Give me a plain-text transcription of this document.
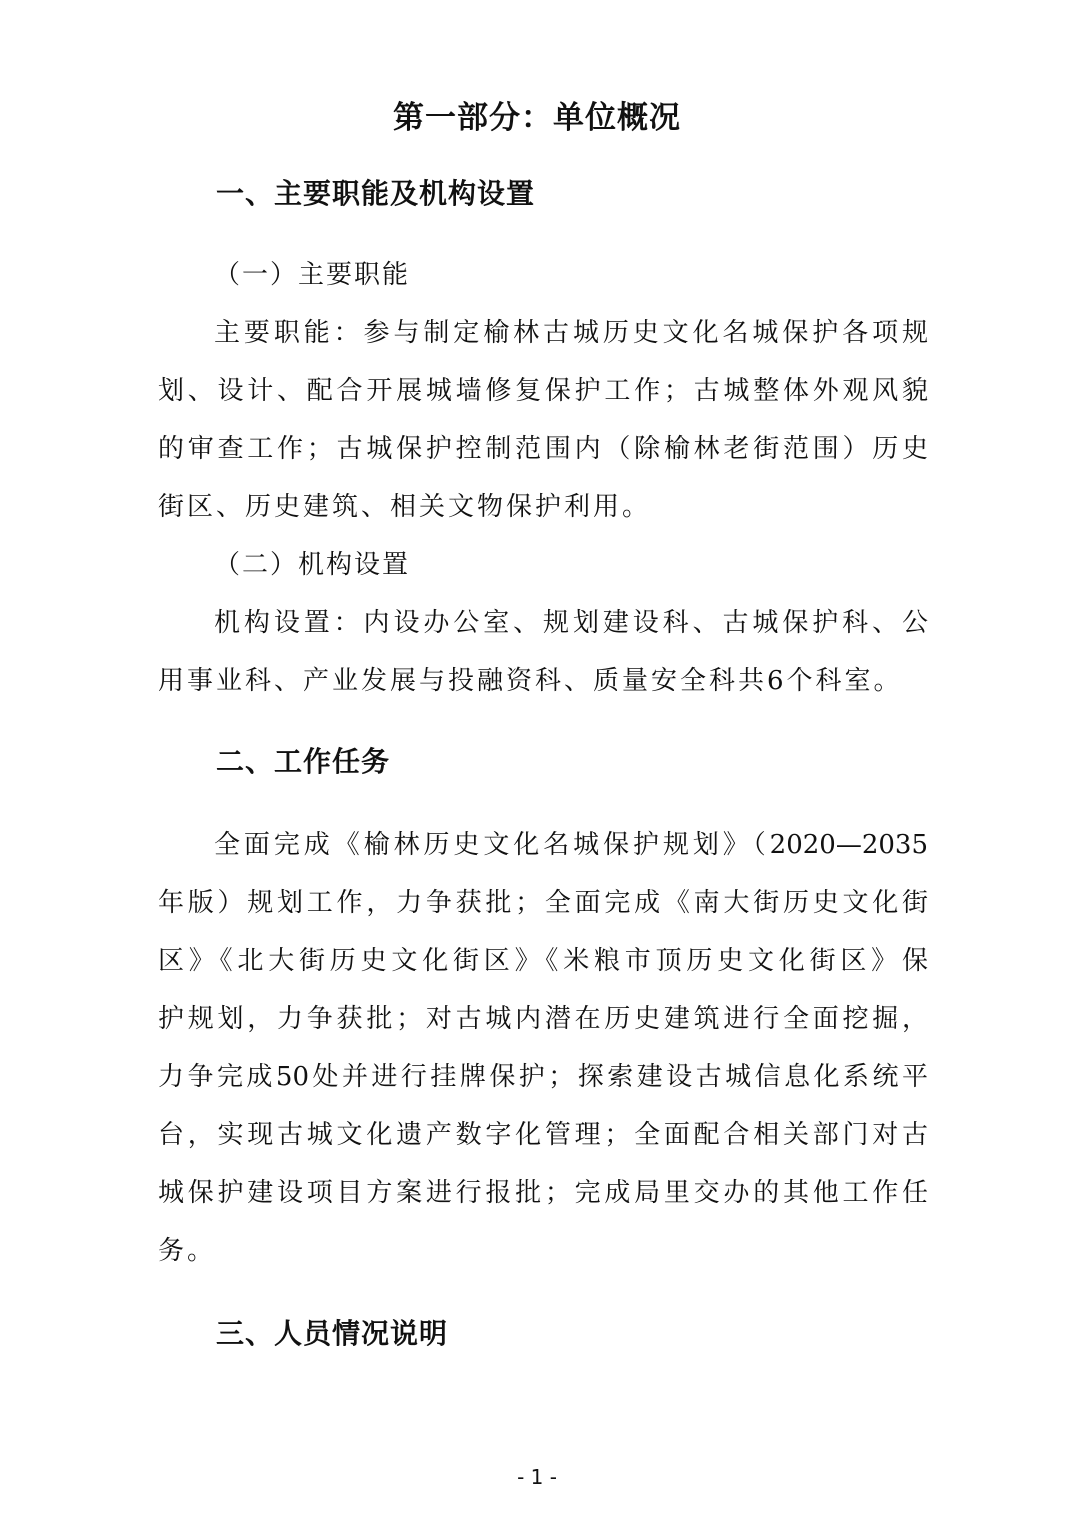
第一部分：单位概况
一、主要职能及机构设置
（一）主要职能
主要职能：参与制定榆林古城历史文化名城保护各项规
划、设计、配合开展城墙修复保护工作；古城整体外观风貌
的审查工作；古城保护控制范围内（除榆林老街范围）历史
街区、历史建筑、相关文物保护利用。
（二）机构设置
机构设置：内设办公室、规划建设科、古城保护科、公
用事业科、产业发展与投融资科、质量安全科共6个科室。
二、工作任务
全面完成《榆林历史文化名城保护规划》（2020—2035
年版）规划工作，力争获批；全面完成《南大街历史文化街
区》《北大街历史文化街区》《米粮市顶历史文化街区》保
护规划，力争获批；对古城内潜在历史建筑进行全面挖掘，
力争完成50处并进行挂牌保护；探索建设古城信息化系统平
台，实现古城文化遗产数字化管理；全面配合相关部门对古
城保护建设项目方案进行报批；完成局里交办的其他工作任
务。
三、人员情况说明
- 1 -
